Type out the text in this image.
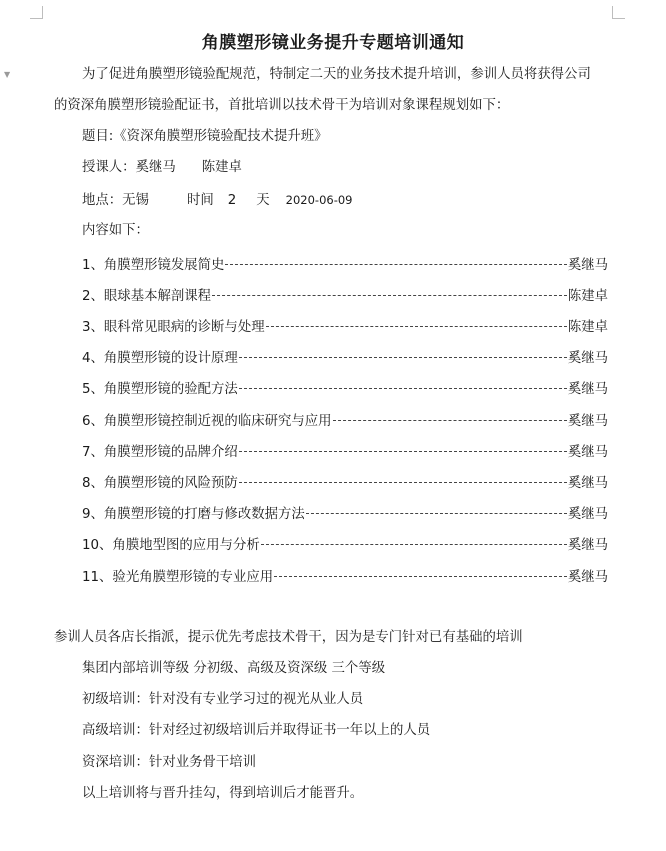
▼
角膜塑形镜业务提升专题培训通知
为了促进角膜塑形镜验配规范，特制定二天的业务技术提升培训，参训人员将获得公司
的资深角膜塑形镜验配证书，首批培训以技术骨干为培训对象课程规划如下：
题目:《资深角膜塑形镜验配技术提升班》
授课人：奚继马 陈建卓
地点：无锡	时间 2 天 2020-06-09
内容如下：
1、角膜塑形镜发展简史	奚继马
2、眼球基本解剖课程	陈建卓
3、眼科常见眼病的诊断与处理	陈建卓
4、角膜塑形镜的设计原理	奚继马
5、角膜塑形镜的验配方法	奚继马
6、角膜塑形镜控制近视的临床研究与应用	奚继马
7、角膜塑形镜的品牌介绍	奚继马
8、角膜塑形镜的风险预防	奚继马
9、角膜塑形镜的打磨与修改数据方法	奚继马
10、角膜地型图的应用与分析	奚继马
11、验光角膜塑形镜的专业应用	奚继马
参训人员各店长指派，提示优先考虑技术骨干，因为是专门针对已有基础的培训
集团内部培训等级 分初级、高级及资深级 三个等级
初级培训：针对没有专业学习过的视光从业人员
高级培训：针对经过初级培训后并取得证书一年以上的人员
资深培训：针对业务骨干培训
以上培训将与晋升挂勾，得到培训后才能晋升。
